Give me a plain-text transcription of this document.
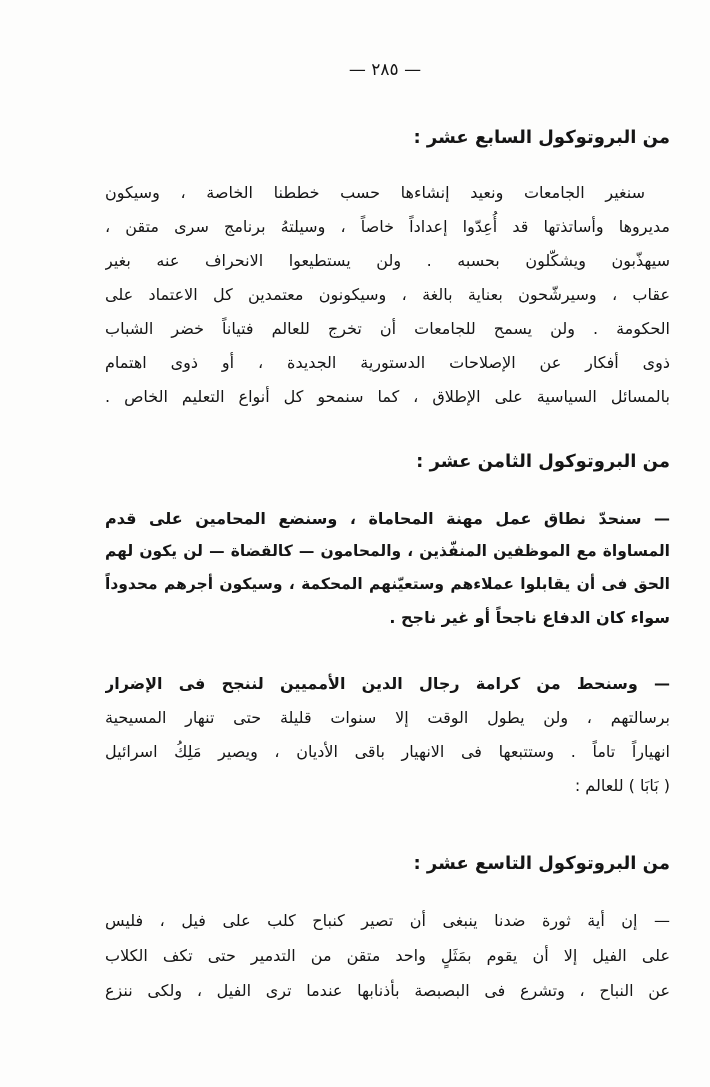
— ٢٨٥ —
من البروتوكول السابع عشر :
سنغير الجامعات ونعيد إنشاءها حسب خططنا الخاصة ، وسيكون
مديروها وأساتذتها قد أُعِدّوا إعداداً خاصاً ، وسيلتهُ برنامج سرى متقن ،
سيهذّبون ويشكّلون بحسبه . ولن يستطيعوا الانحراف عنه بغير
عقاب ، وسيرشّحون بعناية بالغة ، وسيكونون معتمدين كل الاعتماد على
الحكومة . ولن يسمح للجامعات أن تخرج للعالم فتياناً خضر الشباب
ذوى أفكار عن الإصلاحات الدستورية الجديدة ، أو ذوى اهتمام
بالمسائل السياسية على الإطلاق ، كما سنمحو كل أنواع التعليم الخاص .
من البروتوكول الثامن عشر :
— سنحدّ نطاق عمل مهنة المحاماة ، وسنضع المحامين على قدم
المساواة مع الموظفين المنفّذين ، والمحامون — كالقضاة — لن يكون لهم
الحق فى أن يقابلوا عملاءهم وستعيّنهم المحكمة ، وسيكون أجرهم محدوداً
سواء كان الدفاع ناجحاً أو غير ناجح .
— وسنحط من كرامة رجال الدين الأمميين لننجح فى الإضرار
برسالتهم ، ولن يطول الوقت إلا سنوات قليلة حتى تنهار المسيحية
انهياراً تاماً . وستتبعها فى الانهيار باقى الأديان ، ويصير مَلِكُ اسرائيل
( بَابَا ) للعالم :
من البروتوكول التاسع عشر :
— إن أية ثورة ضدنا ينبغى أن تصير كنباح كلب على فيل ، فليس
على الفيل إلا أن يقوم بمَثَلٍ واحد متقن من التدمير حتى تكف الكلاب
عن النباح ، وتشرع فى البصبصة بأذنابها عندما ترى الفيل ، ولكى ننزع
